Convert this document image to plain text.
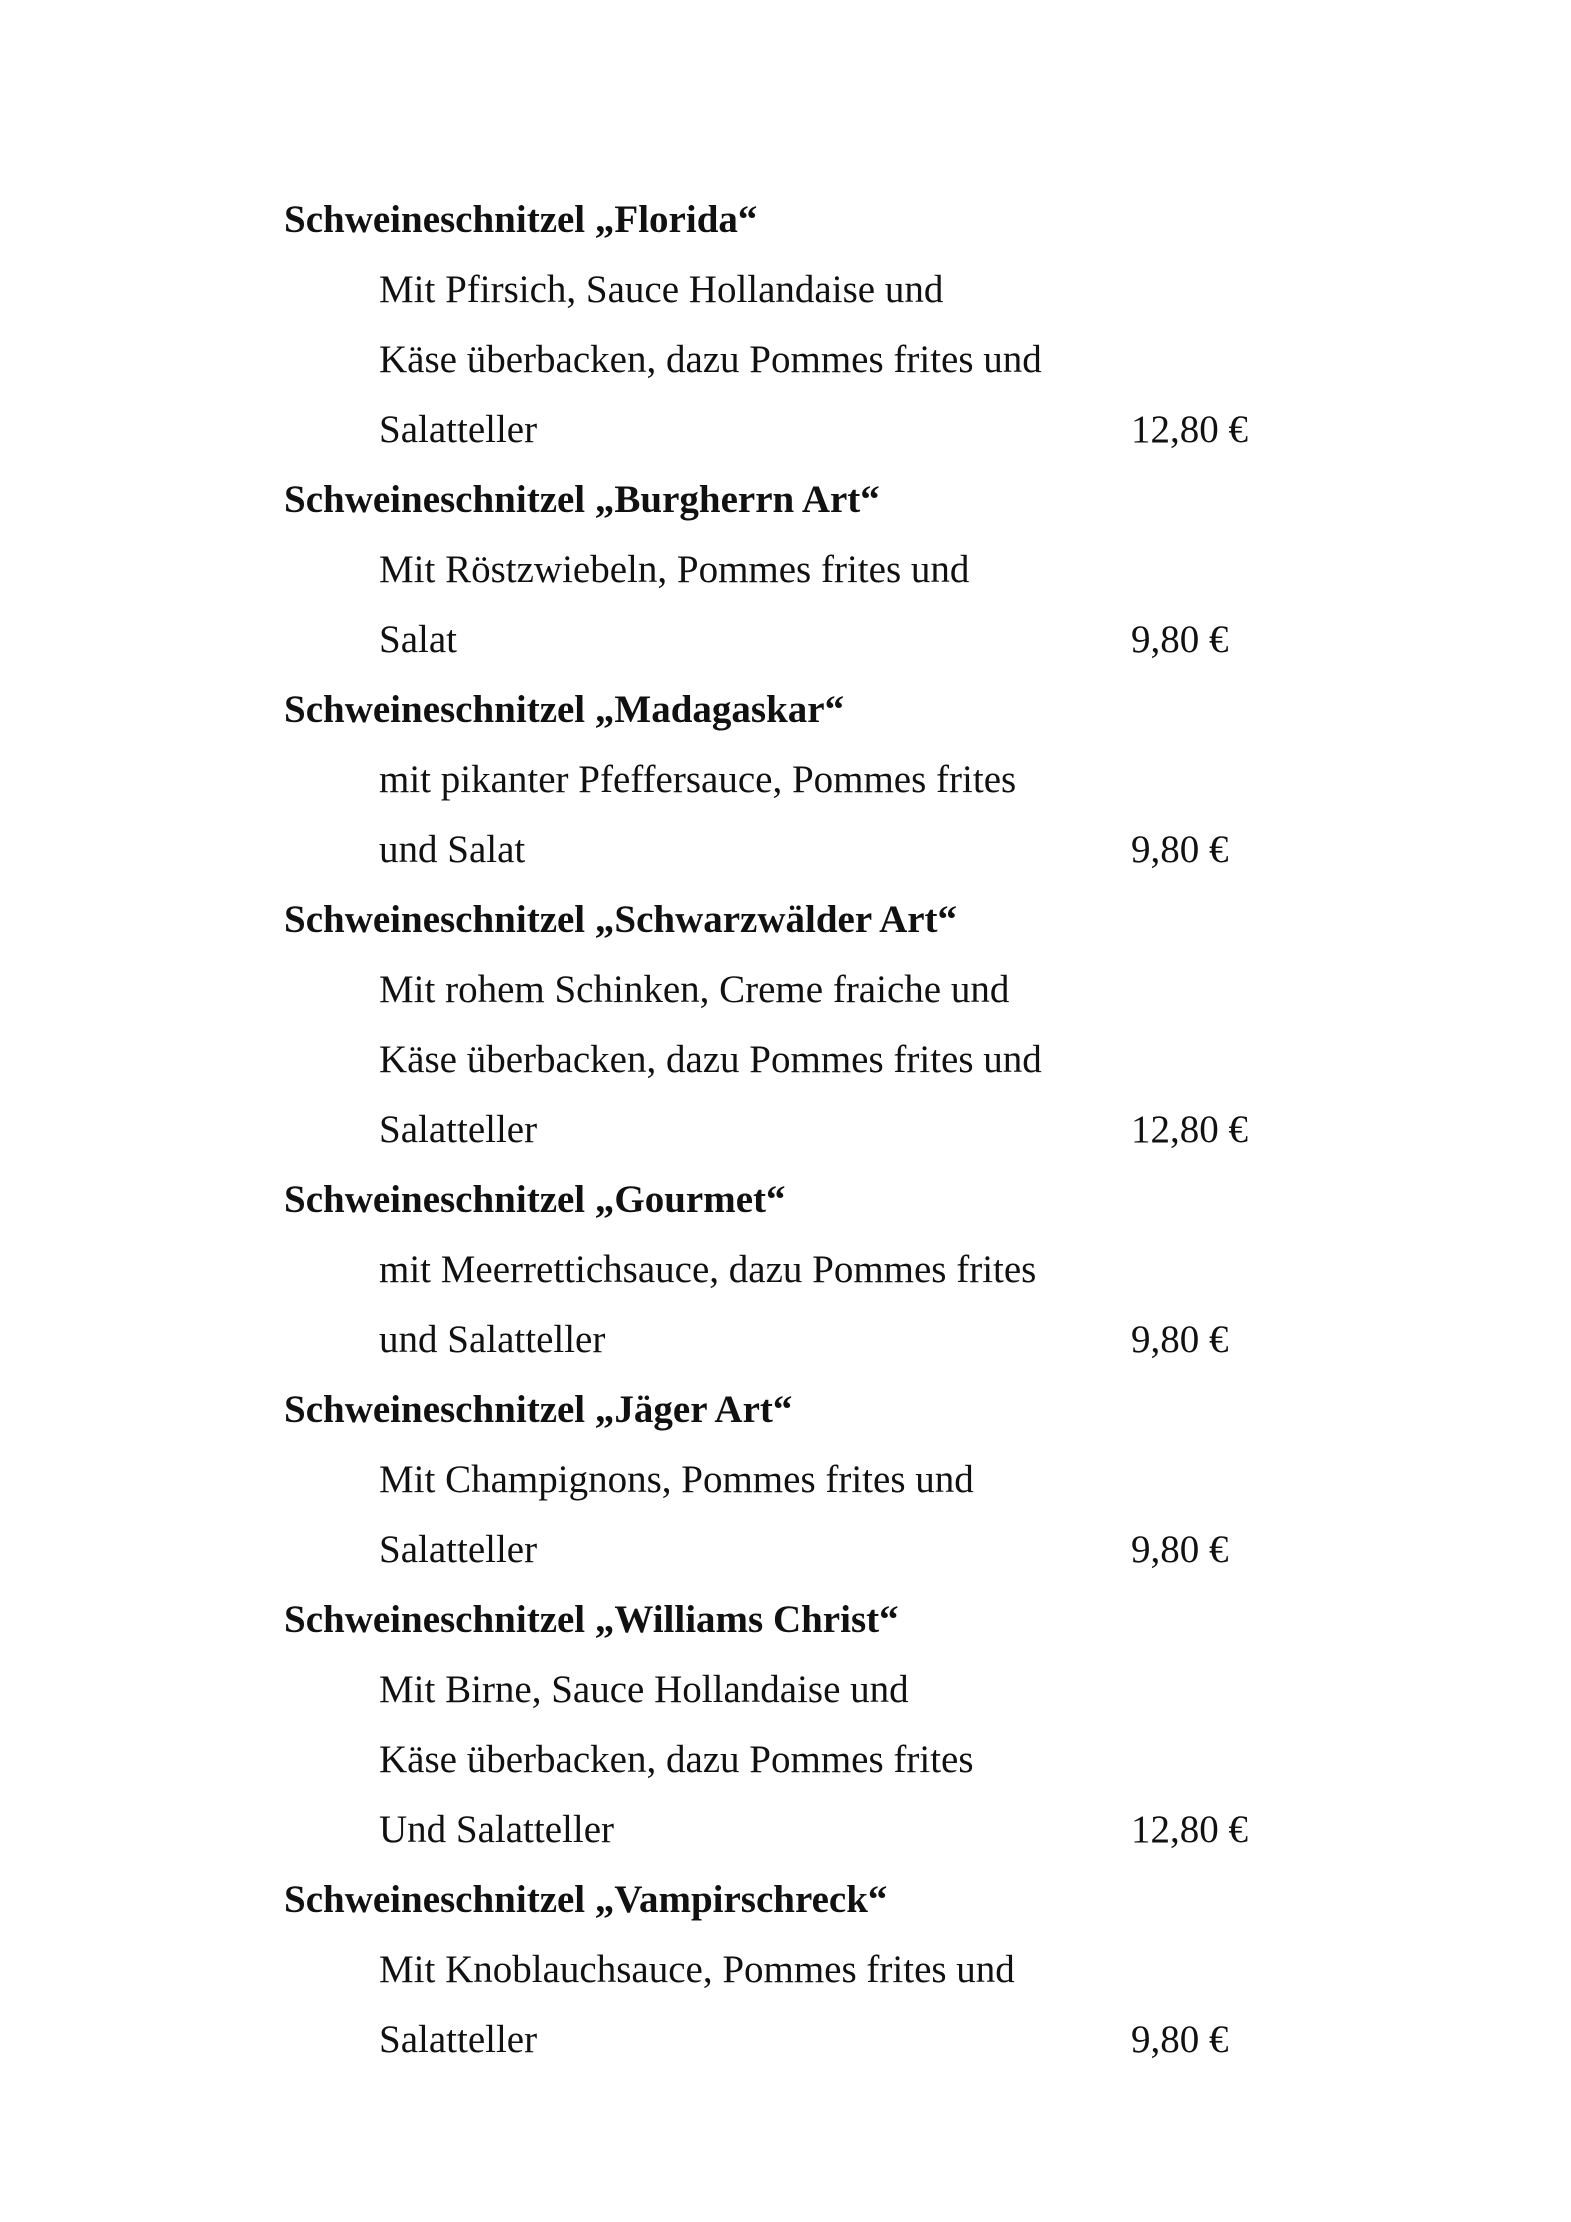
Schweineschnitzel „Florida“
Mit Pfirsich, Sauce Hollandaise und
Käse überbacken, dazu Pommes frites und
Salatteller	12,80 €
Schweineschnitzel „Burgherrn Art“
Mit Röstzwiebeln, Pommes frites und
Salat	9,80 €
Schweineschnitzel „Madagaskar“
mit pikanter Pfeffersauce, Pommes frites
und Salat	9,80 €
Schweineschnitzel „Schwarzwälder Art“
Mit rohem Schinken, Creme fraiche und
Käse überbacken, dazu Pommes frites und
Salatteller	12,80 €
Schweineschnitzel „Gourmet“
mit Meerrettichsauce, dazu Pommes frites
und Salatteller	9,80 €
Schweineschnitzel „Jäger Art“
Mit Champignons, Pommes frites und
Salatteller	9,80 €
Schweineschnitzel „Williams Christ“
Mit Birne, Sauce Hollandaise und
Käse überbacken, dazu Pommes frites
Und Salatteller	12,80 €
Schweineschnitzel „Vampirschreck“
Mit Knoblauchsauce, Pommes frites und
Salatteller	9,80 €
